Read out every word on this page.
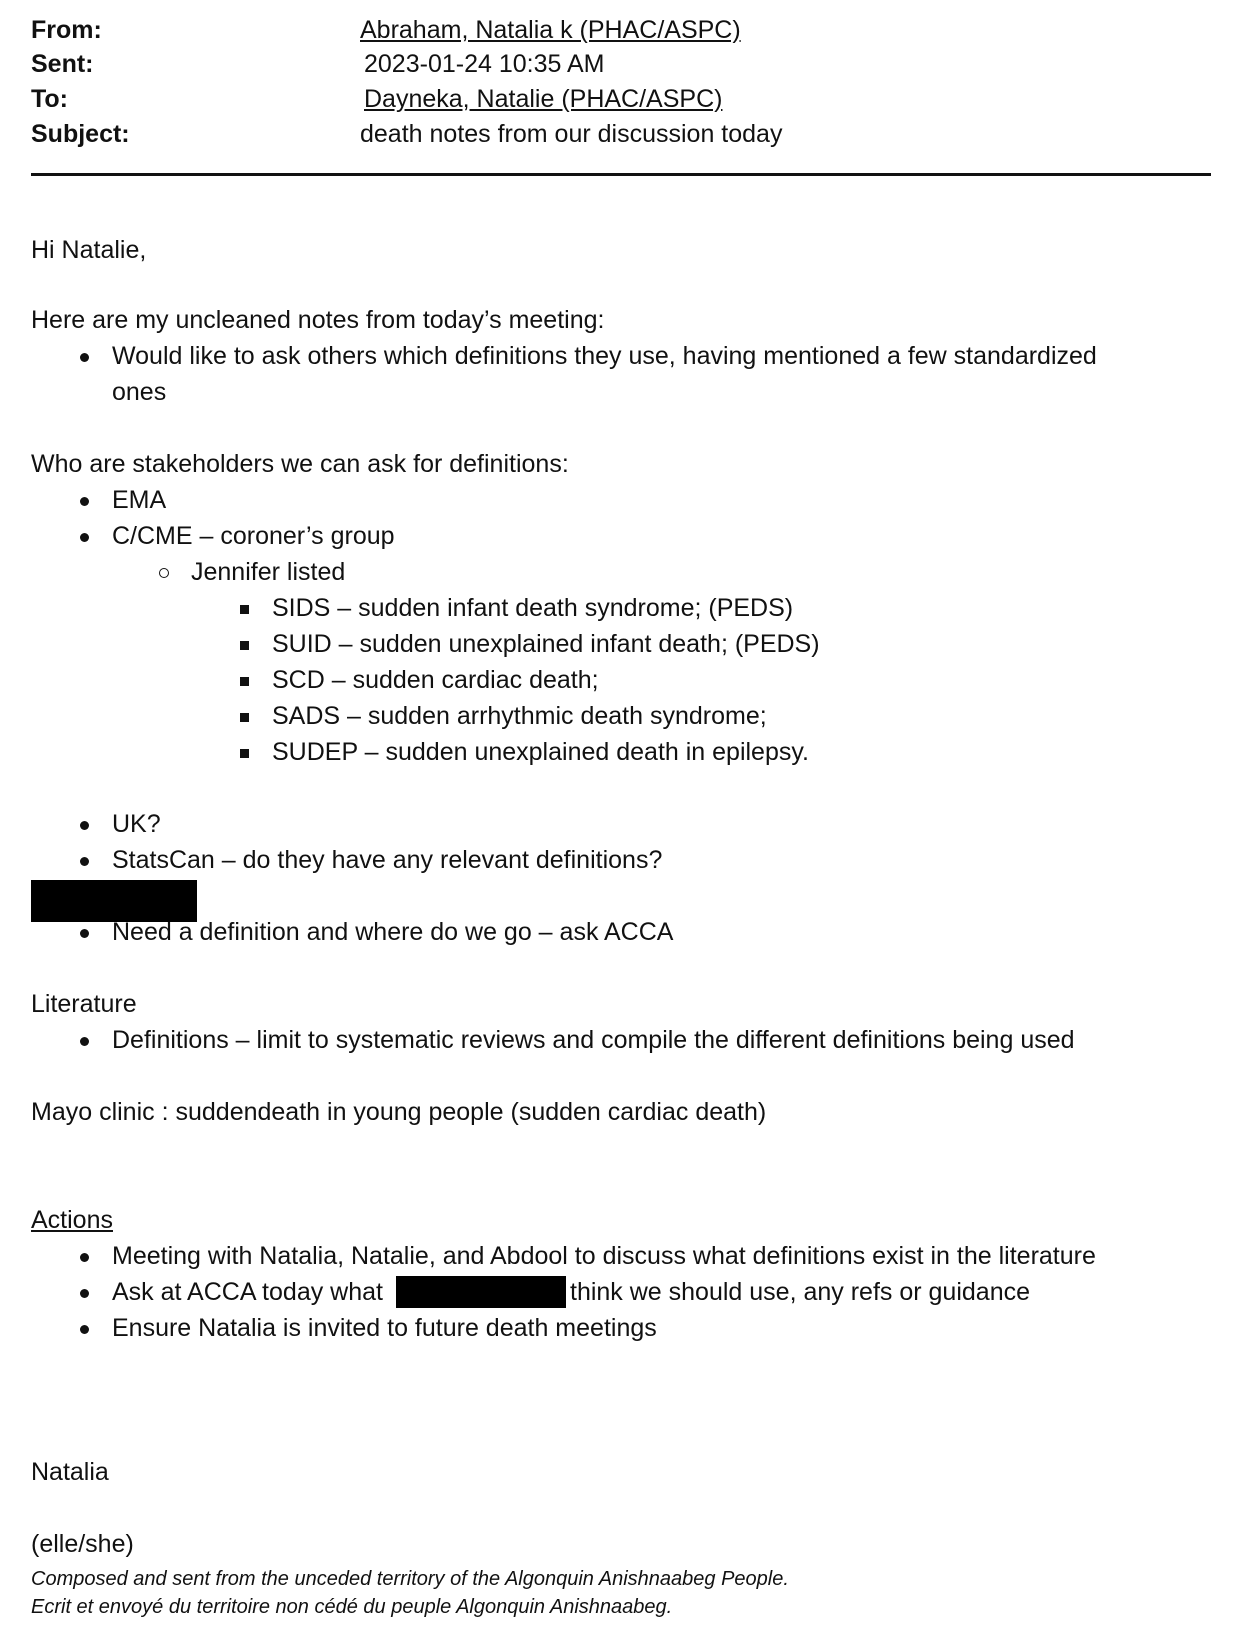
From:	Abraham, Natalia k (PHAC/ASPC)
Sent:	2023-01-24 10:35 AM
To:	Dayneka, Natalie (PHAC/ASPC)
Subject:	death notes from our discussion today
Hi Natalie,
Here are my uncleaned notes from today’s meeting:
Would like to ask others which definitions they use, having mentioned a few standardized
ones
Who are stakeholders we can ask for definitions:
EMA
C/CME – coroner’s group
Jennifer listed
SIDS – sudden infant death syndrome; (PEDS)
SUID – sudden unexplained infant death; (PEDS)
SCD – sudden cardiac death;
SADS – sudden arrhythmic death syndrome;
SUDEP – sudden unexplained death in epilepsy.
UK?
StatsCan – do they have any relevant definitions?
Need a definition and where do we go – ask ACCA
Literature
Definitions – limit to systematic reviews and compile the different definitions being used
Mayo clinic : suddendeath in young people (sudden cardiac death)
Actions
Meeting with Natalia, Natalie, and Abdool to discuss what definitions exist in the literature
Ask at ACCA today what	think we should use, any refs or guidance
Ensure Natalia is invited to future death meetings
Natalia
(elle/she)
Composed and sent from the unceded territory of the Algonquin Anishnaabeg People.
Ecrit et envoyé du territoire non cédé du peuple Algonquin Anishnaabeg.
